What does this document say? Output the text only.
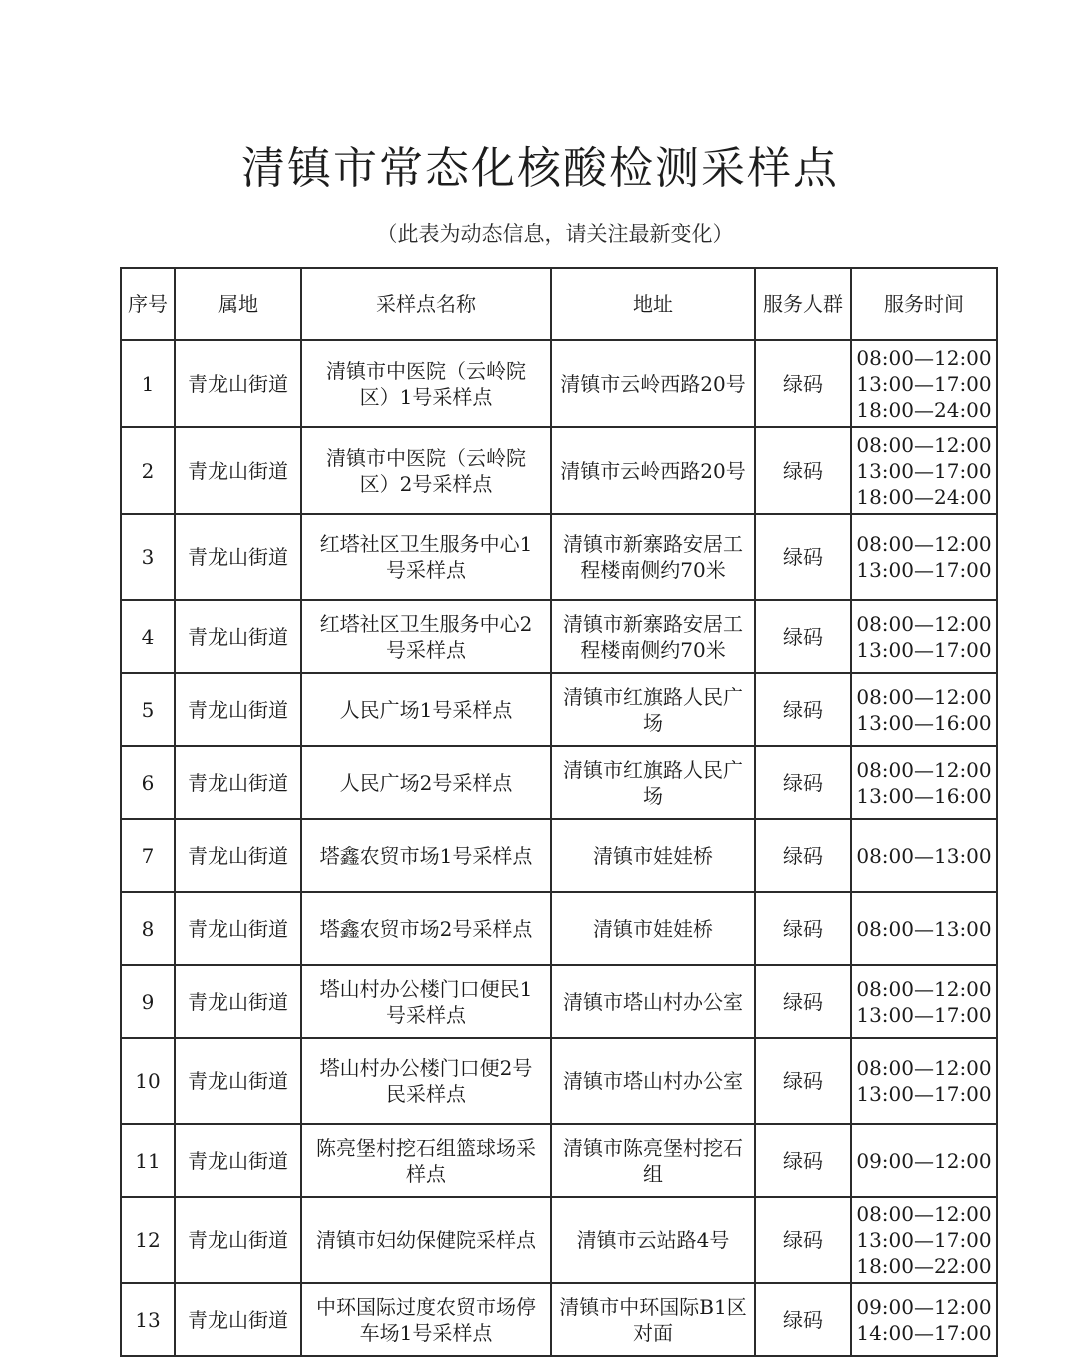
清镇市常态化核酸检测采样点
（此表为动态信息，请关注最新变化）
序号	属地	采样点名称	地址	服务人群	服务时间
1	青龙山街道	清镇市中医院（云岭院
区）1号采样点	清镇市云岭西路20号	绿码	08:00—12:00
13:00—17:00
18:00—24:00

2	青龙山街道	清镇市中医院（云岭院
区）2号采样点	清镇市云岭西路20号	绿码	08:00—12:00
13:00—17:00
18:00—24:00

3	青龙山街道	红塔社区卫生服务中心1
号采样点	清镇市新寨路安居工
程楼南侧约70米	绿码	08:00—12:00
13:00—17:00

4	青龙山街道	红塔社区卫生服务中心2
号采样点	清镇市新寨路安居工
程楼南侧约70米	绿码	08:00—12:00
13:00—17:00

5	青龙山街道	人民广场1号采样点	清镇市红旗路人民广
场	绿码	08:00—12:00
13:00—16:00

6	青龙山街道	人民广场2号采样点	清镇市红旗路人民广
场	绿码	08:00—12:00
13:00—16:00

7	青龙山街道	塔鑫农贸市场1号采样点	清镇市娃娃桥	绿码	08:00—13:00

8	青龙山街道	塔鑫农贸市场2号采样点	清镇市娃娃桥	绿码	08:00—13:00

9	青龙山街道	塔山村办公楼门口便民1
号采样点	清镇市塔山村办公室	绿码	08:00—12:00
13:00—17:00

10	青龙山街道	塔山村办公楼门口便2号
民采样点	清镇市塔山村办公室	绿码	08:00—12:00
13:00—17:00

11	青龙山街道	陈亮堡村挖石组篮球场采
样点	清镇市陈亮堡村挖石
组	绿码	09:00—12:00

12	青龙山街道	清镇市妇幼保健院采样点	清镇市云站路4号	绿码	08:00—12:00
13:00—17:00
18:00—22:00

13	青龙山街道	中环国际过度农贸市场停
车场1号采样点	清镇市中环国际B1区
对面	绿码	09:00—12:00
14:00—17:00
